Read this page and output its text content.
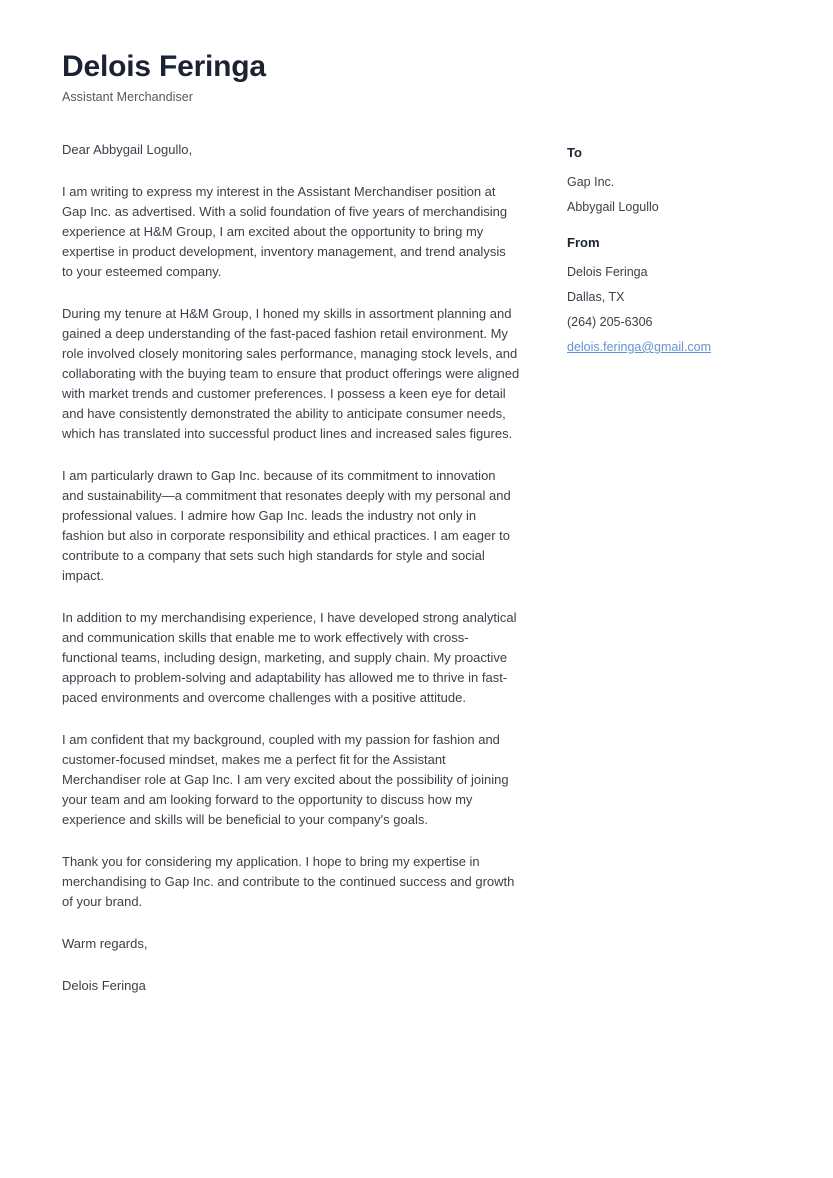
Delois Feringa

Assistant Merchandiser

Dear Abbygail Logullo,

I am writing to express my interest in the Assistant Merchandiser position at Gap Inc. as advertised. With a solid foundation of five years of merchandising experience at H&M Group, I am excited about the opportunity to bring my expertise in product development, inventory management, and trend analysis to your esteemed company.

During my tenure at H&M Group, I honed my skills in assortment planning and gained a deep understanding of the fast-paced fashion retail environment. My role involved closely monitoring sales performance, managing stock levels, and collaborating with the buying team to ensure that product offerings were aligned with market trends and customer preferences. I possess a keen eye for detail and have consistently demonstrated the ability to anticipate consumer needs, which has translated into successful product lines and increased sales figures.

I am particularly drawn to Gap Inc. because of its commitment to innovation and sustainability—a commitment that resonates deeply with my personal and professional values. I admire how Gap Inc. leads the industry not only in fashion but also in corporate responsibility and ethical practices. I am eager to contribute to a company that sets such high standards for style and social impact.

In addition to my merchandising experience, I have developed strong analytical and communication skills that enable me to work effectively with cross-functional teams, including design, marketing, and supply chain. My proactive approach to problem-solving and adaptability has allowed me to thrive in fast-paced environments and overcome challenges with a positive attitude.

I am confident that my background, coupled with my passion for fashion and customer-focused mindset, makes me a perfect fit for the Assistant Merchandiser role at Gap Inc. I am very excited about the possibility of joining your team and am looking forward to the opportunity to discuss how my experience and skills will be beneficial to your company's goals.

Thank you for considering my application. I hope to bring my expertise in merchandising to Gap Inc. and contribute to the continued success and growth of your brand.

Warm regards,

Delois Feringa

To

Gap Inc.

Abbygail Logullo

From

Delois Feringa

Dallas, TX

(264) 205-6306

delois.feringa@gmail.com
